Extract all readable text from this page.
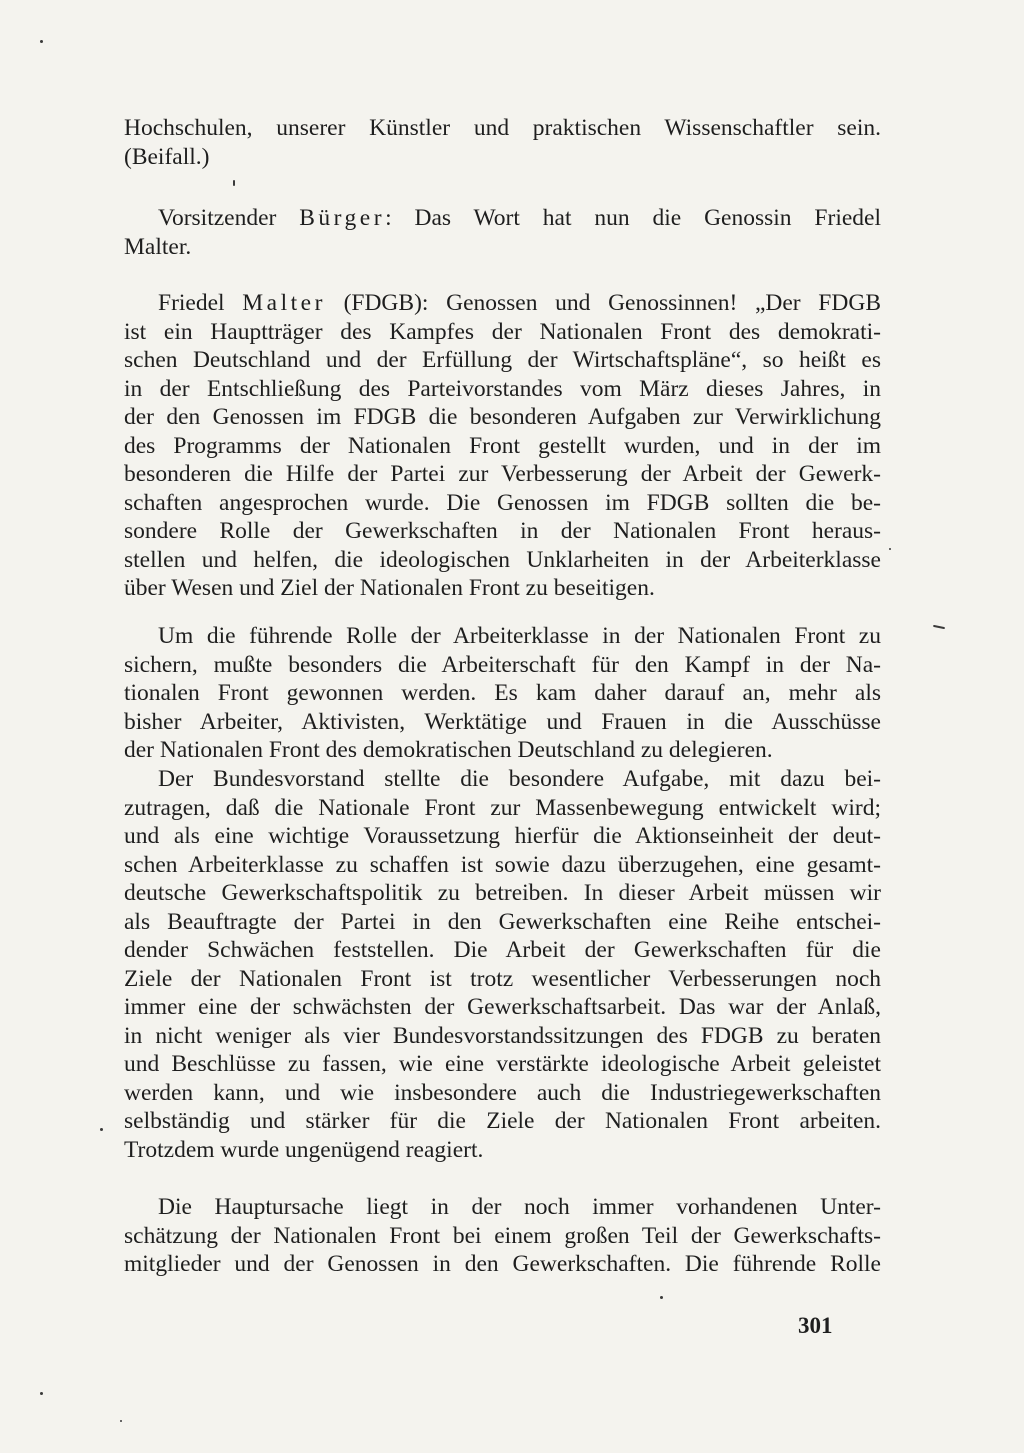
Hochschulen, unserer Künstler und praktischen Wissenschaftler sein.
(Beifall.)
Vorsitzender Bürger: Das Wort hat nun die Genossin Friedel
Malter.
Friedel Malter (FDGB): Genossen und Genossinnen! „Der FDGB
ist ein Hauptträger des Kampfes der Nationalen Front des demokrati-
schen Deutschland und der Erfüllung der Wirtschaftspläne“, so heißt es
in der Entschließung des Parteivorstandes vom März dieses Jahres, in
der den Genossen im FDGB die besonderen Aufgaben zur Verwirklichung
des Programms der Nationalen Front gestellt wurden, und in der im
besonderen die Hilfe der Partei zur Verbesserung der Arbeit der Gewerk-
schaften angesprochen wurde. Die Genossen im FDGB sollten die be-
sondere Rolle der Gewerkschaften in der Nationalen Front heraus-
stellen und helfen, die ideologischen Unklarheiten in der Arbeiterklasse
über Wesen und Ziel der Nationalen Front zu beseitigen.
Um die führende Rolle der Arbeiterklasse in der Nationalen Front zu
sichern, mußte besonders die Arbeiterschaft für den Kampf in der Na-
tionalen Front gewonnen werden. Es kam daher darauf an, mehr als
bisher Arbeiter, Aktivisten, Werktätige und Frauen in die Ausschüsse
der Nationalen Front des demokratischen Deutschland zu delegieren.
Der Bundesvorstand stellte die besondere Aufgabe, mit dazu bei-
zutragen, daß die Nationale Front zur Massenbewegung entwickelt wird;
und als eine wichtige Voraussetzung hierfür die Aktionseinheit der deut-
schen Arbeiterklasse zu schaffen ist sowie dazu überzugehen, eine gesamt-
deutsche Gewerkschaftspolitik zu betreiben. In dieser Arbeit müssen wir
als Beauftragte der Partei in den Gewerkschaften eine Reihe entschei-
dender Schwächen feststellen. Die Arbeit der Gewerkschaften für die
Ziele der Nationalen Front ist trotz wesentlicher Verbesserungen noch
immer eine der schwächsten der Gewerkschaftsarbeit. Das war der Anlaß,
in nicht weniger als vier Bundesvorstandssitzungen des FDGB zu beraten
und Beschlüsse zu fassen, wie eine verstärkte ideologische Arbeit geleistet
werden kann, und wie insbesondere auch die Industriegewerkschaften
selbständig und stärker für die Ziele der Nationalen Front arbeiten.
Trotzdem wurde ungenügend reagiert.
Die Hauptursache liegt in der noch immer vorhandenen Unter-
schätzung der Nationalen Front bei einem großen Teil der Gewerkschafts-
mitglieder und der Genossen in den Gewerkschaften. Die führende Rolle
301
